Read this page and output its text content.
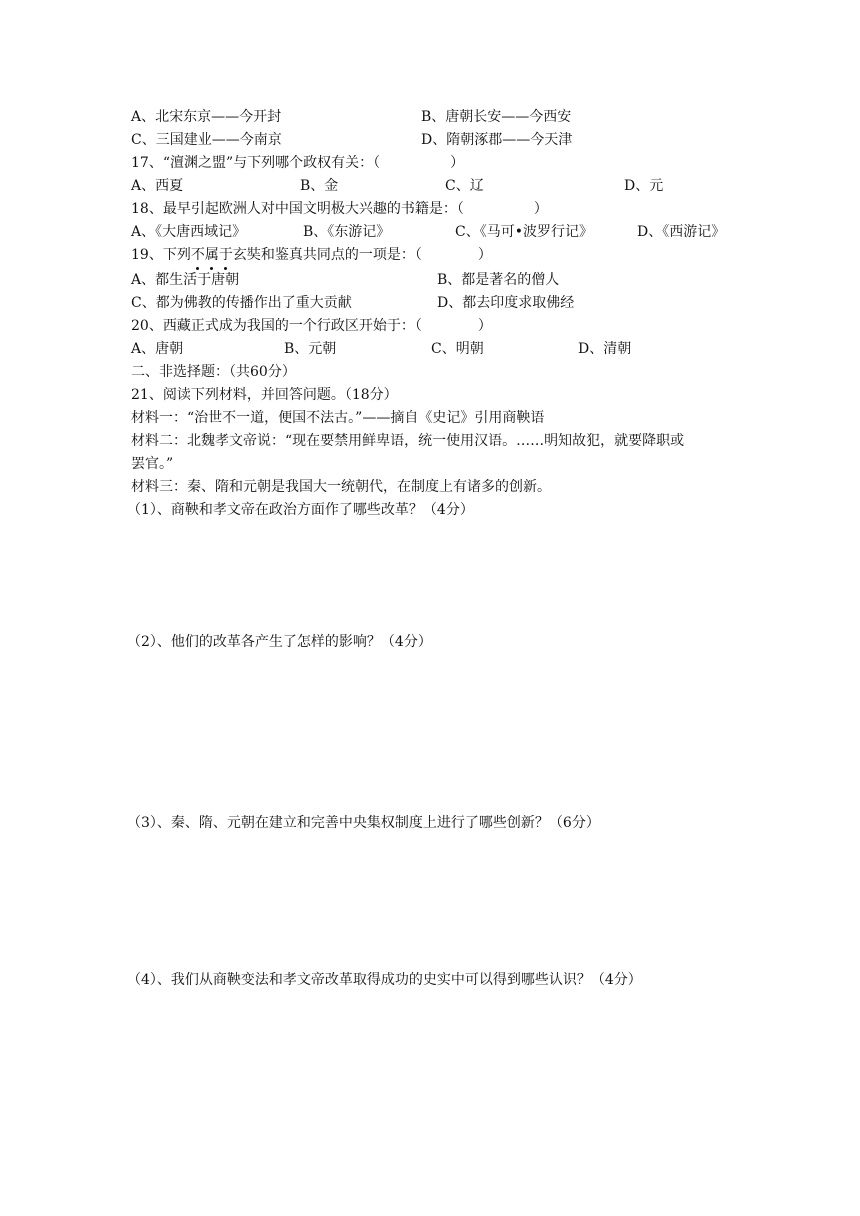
A、北宋东京——今开封	B、唐朝长安——今西安
C、三国建业——今南京	D、隋朝涿郡——今天津
17、“澶渊之盟”与下列哪个政权有关：（　　　　　）
A、西夏	B、金	C、辽	D、元
18、最早引起欧洲人对中国文明极大兴趣的书籍是：（　　　　　）
A、《大唐西域记》	B、《东游记》	C、《马可•波罗行记》	D、《西游记》
19、下列不属于
玄奘和鉴真共同点的一项是：（　　　　）
A、都生活于唐朝	B、都是著名的僧人
C、都为佛教的传播作出了重大贡献	D、都去印度求取佛经
20、西藏正式成为我国的一个行政区开始于：（　　　　）
A、唐朝	B、元朝	C、明朝	D、清朝
二、非选择题：（共60分）
21、阅读下列材料，并回答问题。（18分）
材料一：“治世不一道，便国不法古。”——摘自《史记》引用商鞅语
材料二：北魏孝文帝说：“现在要禁用鲜卑语，统一使用汉语。……明知故犯，就要降职或
罢官。”
材料三：秦、隋和元朝是我国大一统朝代，在制度上有诸多的创新。
（1）、商鞅和孝文帝在政治方面作了哪些改革？（4分）
（2）、他们的改革各产生了怎样的影响？（4分）
（3）、秦、隋、元朝在建立和完善中央集权制度上进行了哪些创新？（6分）
（4）、我们从商鞅变法和孝文帝改革取得成功的史实中可以得到哪些认识？（4分）
